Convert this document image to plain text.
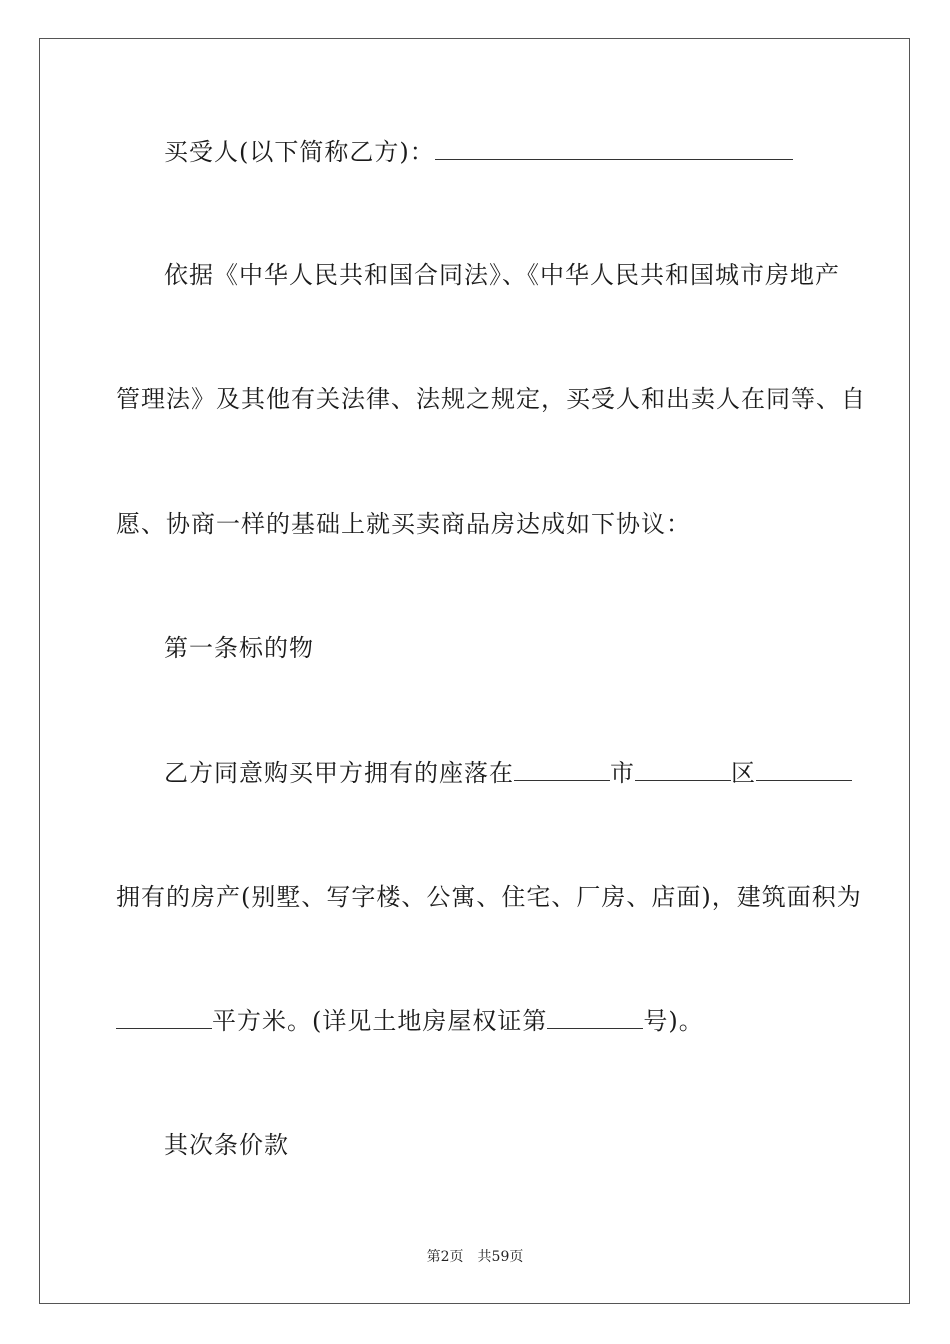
买受人(以下简称乙方)：
依据《中华人民共和国合同法》、《中华人民共和国城市房地产
管理法》及其他有关法律、法规之规定，买受人和出卖人在同等、自
愿、协商一样的基础上就买卖商品房达成如下协议：
第一条标的物
乙方同意购买甲方拥有的座落在	市	区
拥有的房产(别墅、写字楼、公寓、住宅、厂房、店面)，建筑面积为
平方米。(详见土地房屋权证第	号)。
其次条价款
第2页　共59页
